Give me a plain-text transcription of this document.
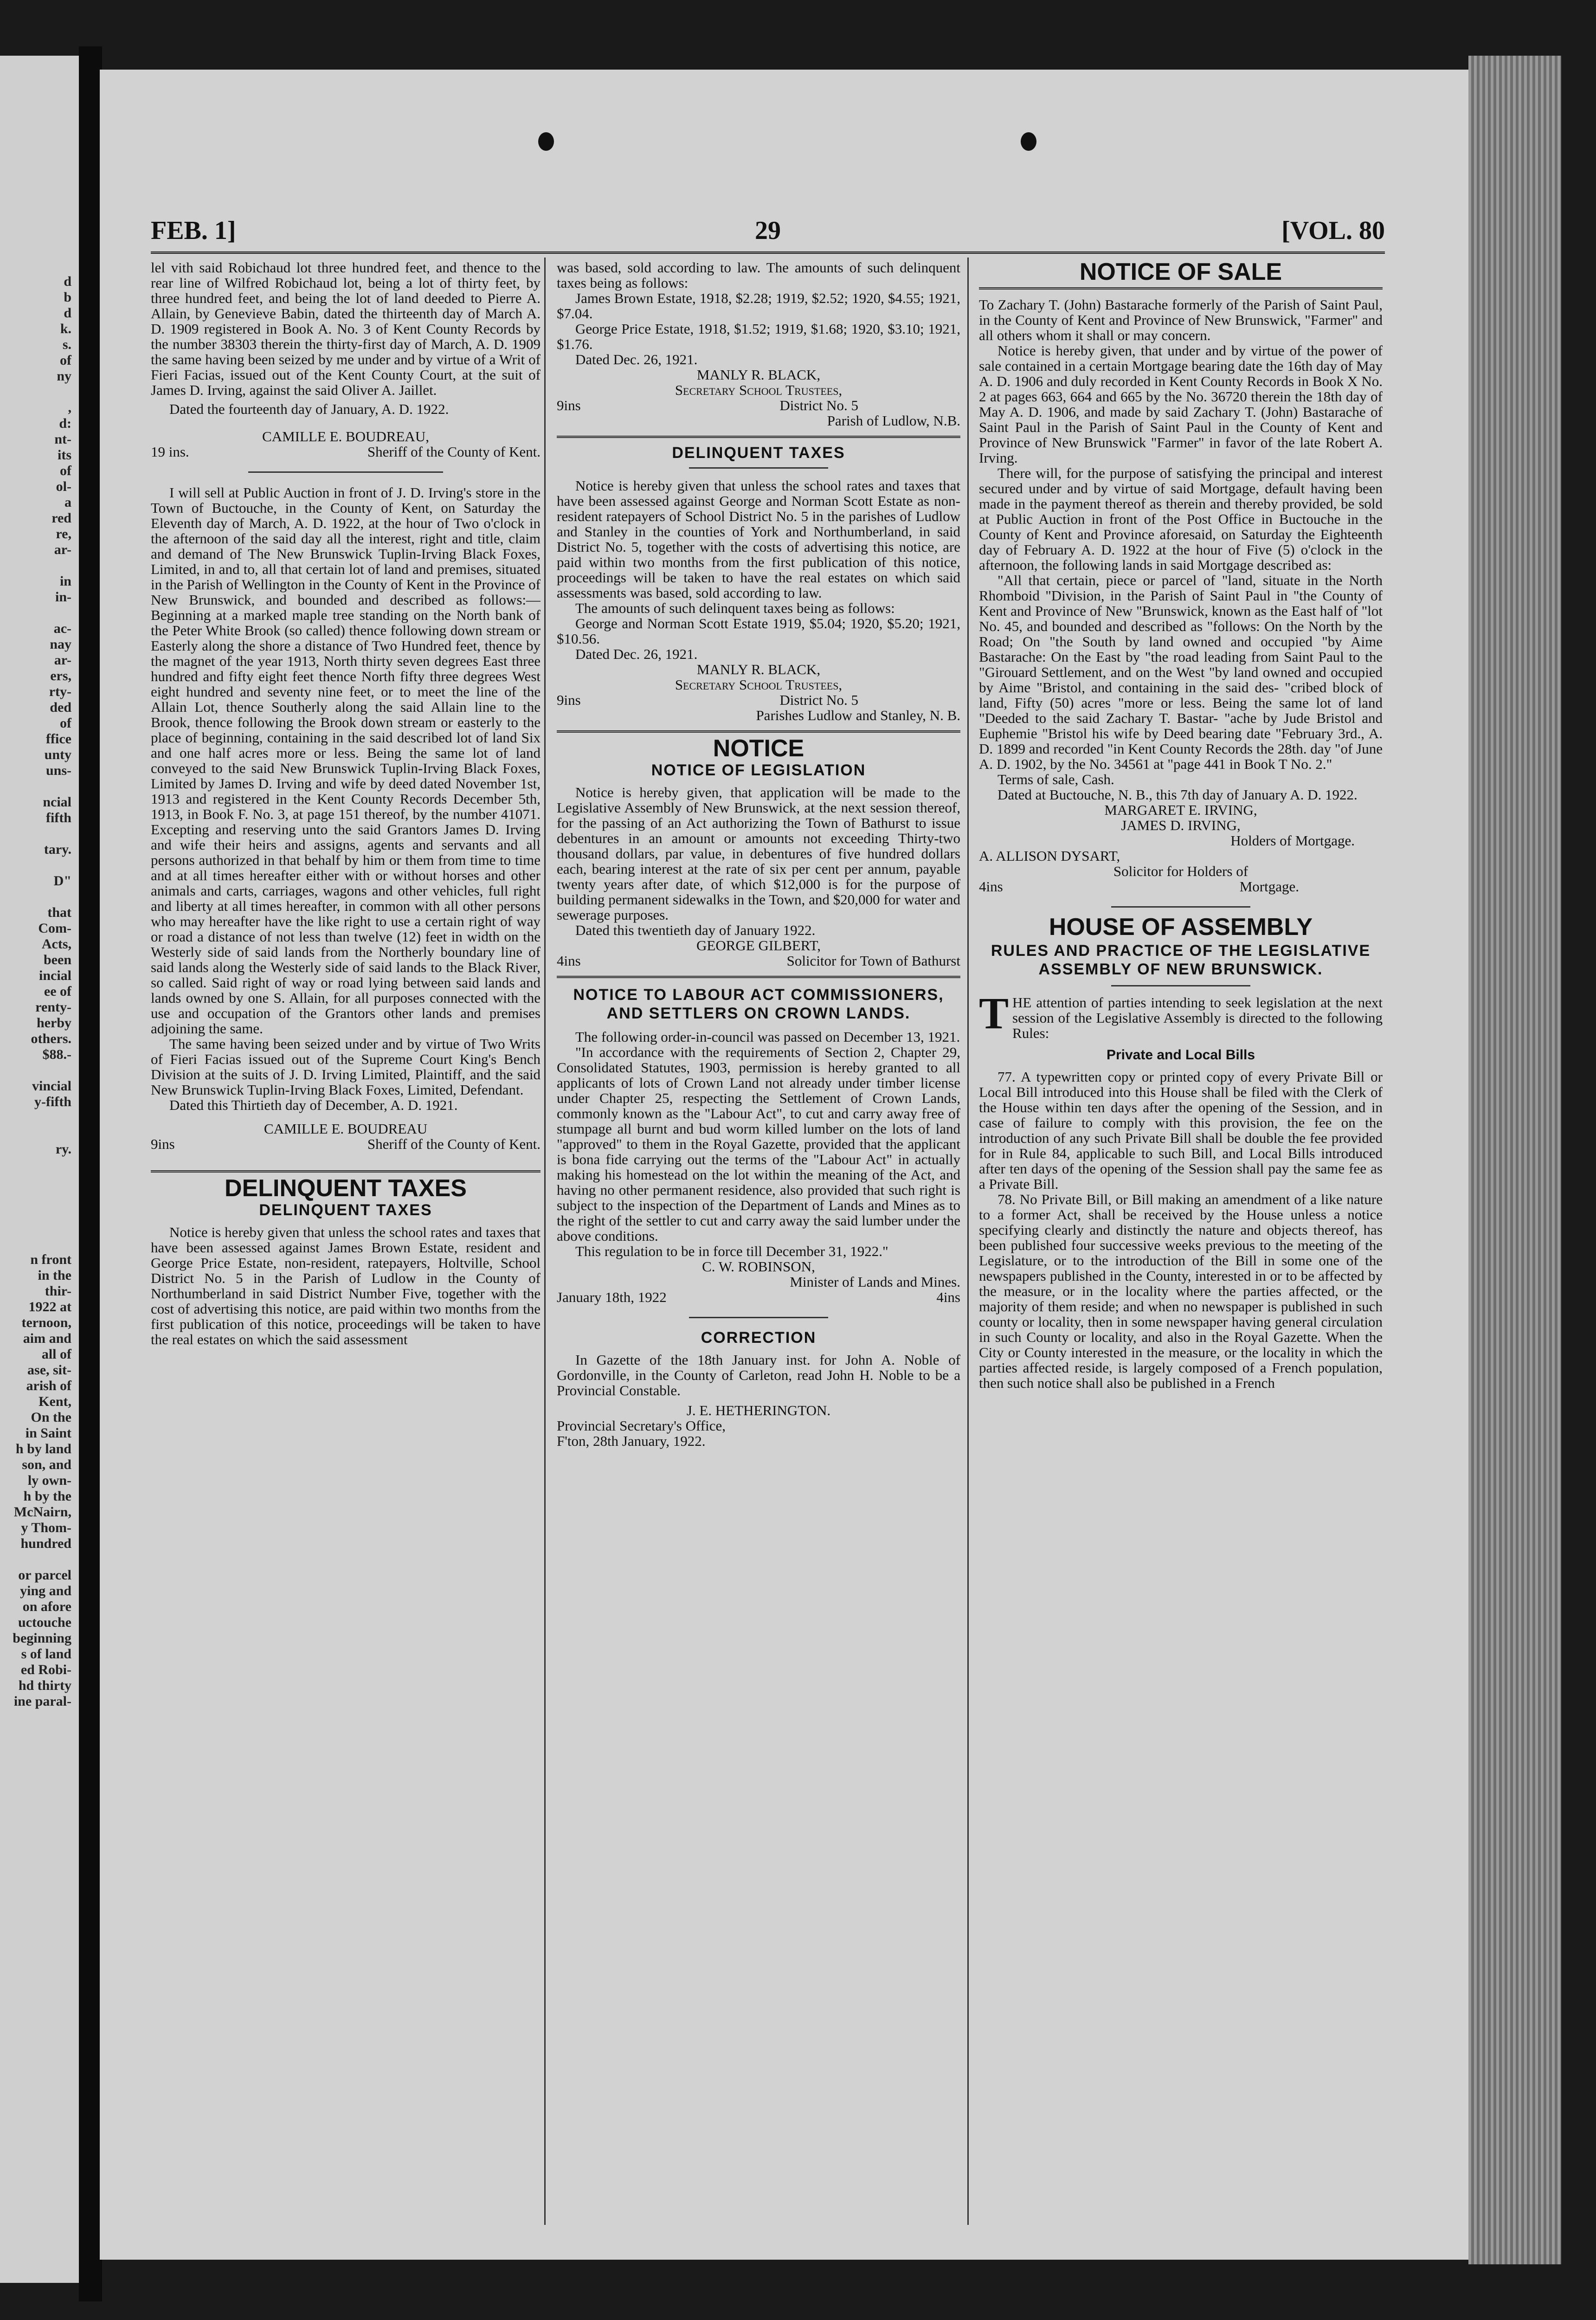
d
b
d
k.
s.
of
ny

,
d:
nt-
its
of
ol-
a
red
re,
ar-

in
in-

ac-
nay
ar-
ers,
rty-
ded
of
ffice
unty
uns-

ncial
fifth

tary.

D"

that
Com-
Acts,
been
incial
ee of
renty-
herby
others.
$88.-

vincial
y-fifth

ry.

n front
in the
thir-
1922 at
ternoon,
aim and
all of
ase, sit-
arish of
Kent,
On the
in Saint
h by land
son, and
ly own-
h by the
McNairn,
y Thom-
hundred

or parcel
ying and
on afore
uctouche
beginning
s of land
ed Robi-
hd thirty
ine paral-
FEB. 1]	29	[VOL. 80

lel vith said Robichaud lot three hundred feet, and thence to the rear line of Wilfred Robichaud lot, being a lot of thirty feet, by three hundred feet, and being the lot of land deeded to Pierre A. Allain, by Genevieve Babin, dated the thirteenth day of March A. D. 1909 registered in Book A. No. 3 of Kent County Records by the number 38303 therein the thirty-first day of March, A. D. 1909 the same having been seized by me under and by virtue of a Writ of Fieri Facias, issued out of the Kent County Court, at the suit of James D. Irving, against the said Oliver A. Jaillet.

Dated the fourteenth day of January, A. D. 1922.

CAMILLE E. BOUDREAU,

19 ins.	Sheriff of the County of Kent.

I will sell at Public Auction in front of J. D. Irving's store in the Town of Buctouche, in the County of Kent, on Saturday the Eleventh day of March, A. D. 1922, at the hour of Two o'clock in the afternoon of the said day all the interest, right and title, claim and demand of The New Brunswick Tuplin-Irving Black Foxes, Limited, in and to, all that certain lot of land and premises, situated in the Parish of Wellington in the County of Kent in the Province of New Brunswick, and bounded and described as follows:—Beginning at a marked maple tree standing on the North bank of the Peter White Brook (so called) thence following down stream or Easterly along the shore a distance of Two Hundred feet, thence by the magnet of the year 1913, North thirty seven degrees East three hundred and fifty eight feet thence North fifty three degrees West eight hundred and seventy nine feet, or to meet the line of the Allain Lot, thence Southerly along the said Allain line to the Brook, thence following the Brook down stream or easterly to the place of beginning, containing in the said described lot of land Six and one half acres more or less. Being the same lot of land conveyed to the said New Brunswick Tuplin-Irving Black Foxes, Limited by James D. Irving and wife by deed dated November 1st, 1913 and registered in the Kent County Records December 5th, 1913, in Book F. No. 3, at page 151 thereof, by the number 41071. Excepting and reserving unto the said Grantors James D. Irving and wife their heirs and assigns, agents and servants and all persons authorized in that behalf by him or them from time to time and at all times hereafter either with or without horses and other animals and carts, carriages, wagons and other vehicles, full right and liberty at all times hereafter, in common with all other persons who may hereafter have the like right to use a certain right of way or road a distance of not less than twelve (12) feet in width on the Westerly side of said lands from the Northerly boundary line of said lands along the Westerly side of said lands to the Black River, so called. Said right of way or road lying between said lands and lands owned by one S. Allain, for all purposes connected with the use and occupation of the Grantors other lands and premises adjoining the same.

The same having been seized under and by virtue of Two Writs of Fieri Facias issued out of the Supreme Court King's Bench Division at the suits of J. D. Irving Limited, Plaintiff, and the said New Brunswick Tuplin-Irving Black Foxes, Limited, Defendant.

Dated this Thirtieth day of December, A. D. 1921.

CAMILLE E. BOUDREAU

9ins	Sheriff of the County of Kent.
DELINQUENT TAXES
DELINQUENT TAXES

Notice is hereby given that unless the school rates and taxes that have been assessed against James Brown Estate, resident and George Price Estate, non-resident, ratepayers, Holtville, School District No. 5 in the Parish of Ludlow in the County of Northumberland in said District Number Five, together with the cost of advertising this notice, are paid within two months from the first publication of this notice, proceedings will be taken to have the real estates on which the said assessment

was based, sold according to law. The amounts of such delinquent taxes being as follows:

James Brown Estate, 1918, $2.28; 1919, $2.52; 1920, $4.55; 1921, $7.04.

George Price Estate, 1918, $1.52; 1919, $1.68; 1920, $3.10; 1921, $1.76.

Dated Dec. 26, 1921.

MANLY R. BLACK,

Secretary School Trustees,

9ins	District No. 5

Parish of Ludlow, N.B.

DELINQUENT TAXES

Notice is hereby given that unless the school rates and taxes that have been assessed against George and Norman Scott Estate as non-resident ratepayers of School District No. 5 in the parishes of Ludlow and Stanley in the counties of York and Northumberland, in said District No. 5, together with the costs of advertising this notice, are paid within two months from the first publication of this notice, proceedings will be taken to have the real estates on which said assessments was based, sold according to law.

The amounts of such delinquent taxes being as follows:

George and Norman Scott Estate 1919, $5.04; 1920, $5.20; 1921, $10.56.

Dated Dec. 26, 1921.

MANLY R. BLACK,

Secretary School Trustees,

9ins	District No. 5

Parishes Ludlow and Stanley, N. B.

NOTICE
NOTICE OF LEGISLATION

Notice is hereby given, that application will be made to the Legislative Assembly of New Brunswick, at the next session thereof, for the passing of an Act authorizing the Town of Bathurst to issue debentures in an amount or amounts not exceeding Thirty-two thousand dollars, par value, in debentures of five hundred dollars each, bearing interest at the rate of six per cent per annum, payable twenty years after date, of which $12,000 is for the purpose of building permanent sidewalks in the Town, and $20,000 for water and sewerage purposes.

Dated this twentieth day of January 1922.

GEORGE GILBERT,

4ins	Solicitor for Town of Bathurst
NOTICE TO LABOUR ACT COMMISSIONERS, AND SETTLERS ON CROWN LANDS.

The following order-in-council was passed on December 13, 1921.

"In accordance with the requirements of Section 2, Chapter 29, Consolidated Statutes, 1903, permission is hereby granted to all applicants of lots of Crown Land not already under timber license under Chapter 25, respecting the Settlement of Crown Lands, commonly known as the "Labour Act", to cut and carry away free of stumpage all burnt and bud worm killed lumber on the lots of land "approved" to them in the Royal Gazette, provided that the applicant is bona fide carrying out the terms of the "Labour Act" in actually making his homestead on the lot within the meaning of the Act, and having no other permanent residence, also provided that such right is subject to the inspection of the Department of Lands and Mines as to the right of the settler to cut and carry away the said lumber under the above conditions.

This regulation to be in force till December 31, 1922."

C. W. ROBINSON,

Minister of Lands and Mines.

January 18th, 1922	4ins
CORRECTION

In Gazette of the 18th January inst. for John A. Noble of Gordonville, in the County of Carleton, read John H. Noble to be a Provincial Constable.

J. E. HETHERINGTON.

Provincial Secretary's Office,

F'ton, 28th January, 1922.

NOTICE OF SALE

To Zachary T. (John) Bastarache formerly of the Parish of Saint Paul, in the County of Kent and Province of New Brunswick, "Farmer" and all others whom it shall or may concern.

Notice is hereby given, that under and by virtue of the power of sale contained in a certain Mortgage bearing date the 16th day of May A. D. 1906 and duly recorded in Kent County Records in Book X No. 2 at pages 663, 664 and 665 by the No. 36720 therein the 18th day of May A. D. 1906, and made by said Zachary T. (John) Bastarache of Saint Paul in the Parish of Saint Paul in the County of Kent and Province of New Brunswick "Farmer" in favor of the late Robert A. Irving.

There will, for the purpose of satisfying the principal and interest secured under and by virtue of said Mortgage, default having been made in the payment thereof as therein and thereby provided, be sold at Public Auction in front of the Post Office in Buctouche in the County of Kent and Province aforesaid, on Saturday the Eighteenth day of February A. D. 1922 at the hour of Five (5) o'clock in the afternoon, the following lands in said Mortgage described as:

"All that certain, piece or parcel of "land, situate in the North Rhomboid "Division, in the Parish of Saint Paul in "the County of Kent and Province of New "Brunswick, known as the East half of "lot No. 45, and bounded and described as "follows: On the North by the Road; On "the South by land owned and occupied "by Aime Bastarache: On the East by "the road leading from Saint Paul to the "Girouard Settlement, and on the West "by land owned and occupied by Aime "Bristol, and containing in the said des- "cribed block of land, Fifty (50) acres "more or less. Being the same lot of land "Deeded to the said Zachary T. Bastar- "ache by Jude Bristol and Euphemie "Bristol his wife by Deed bearing date "February 3rd., A. D. 1899 and recorded "in Kent County Records the 28th. day "of June A. D. 1902, by the No. 34561 at "page 441 in Book T No. 2."

Terms of sale, Cash.

Dated at Buctouche, N. B., this 7th day of January A. D. 1922.

MARGARET E. IRVING,

JAMES D. IRVING,

Holders of Mortgage.

A. ALLISON DYSART,

Solicitor for Holders of

4ins	Mortgage.
HOUSE OF ASSEMBLY
RULES AND PRACTICE OF THE LEGISLATIVE ASSEMBLY OF NEW BRUNSWICK.

THE attention of parties intending to seek legislation at the next session of the Legislative Assembly is directed to the following Rules:

Private and Local Bills

77. A typewritten copy or printed copy of every Private Bill or Local Bill introduced into this House shall be filed with the Clerk of the House within ten days after the opening of the Session, and in case of failure to comply with this provision, the fee on the introduction of any such Private Bill shall be double the fee provided for in Rule 84, applicable to such Bill, and Local Bills introduced after ten days of the opening of the Session shall pay the same fee as a Private Bill.

78. No Private Bill, or Bill making an amendment of a like nature to a former Act, shall be received by the House unless a notice specifying clearly and distinctly the nature and objects thereof, has been published four successive weeks previous to the meeting of the Legislature, or to the introduction of the Bill in some one of the newspapers published in the County, interested in or to be affected by the measure, or in the locality where the parties affected, or the majority of them reside; and when no newspaper is published in such county or locality, then in some newspaper having general circulation in such County or locality, and also in the Royal Gazette. When the City or County interested in the measure, or the locality in which the parties affected reside, is largely composed of a French population, then such notice shall also be published in a French
